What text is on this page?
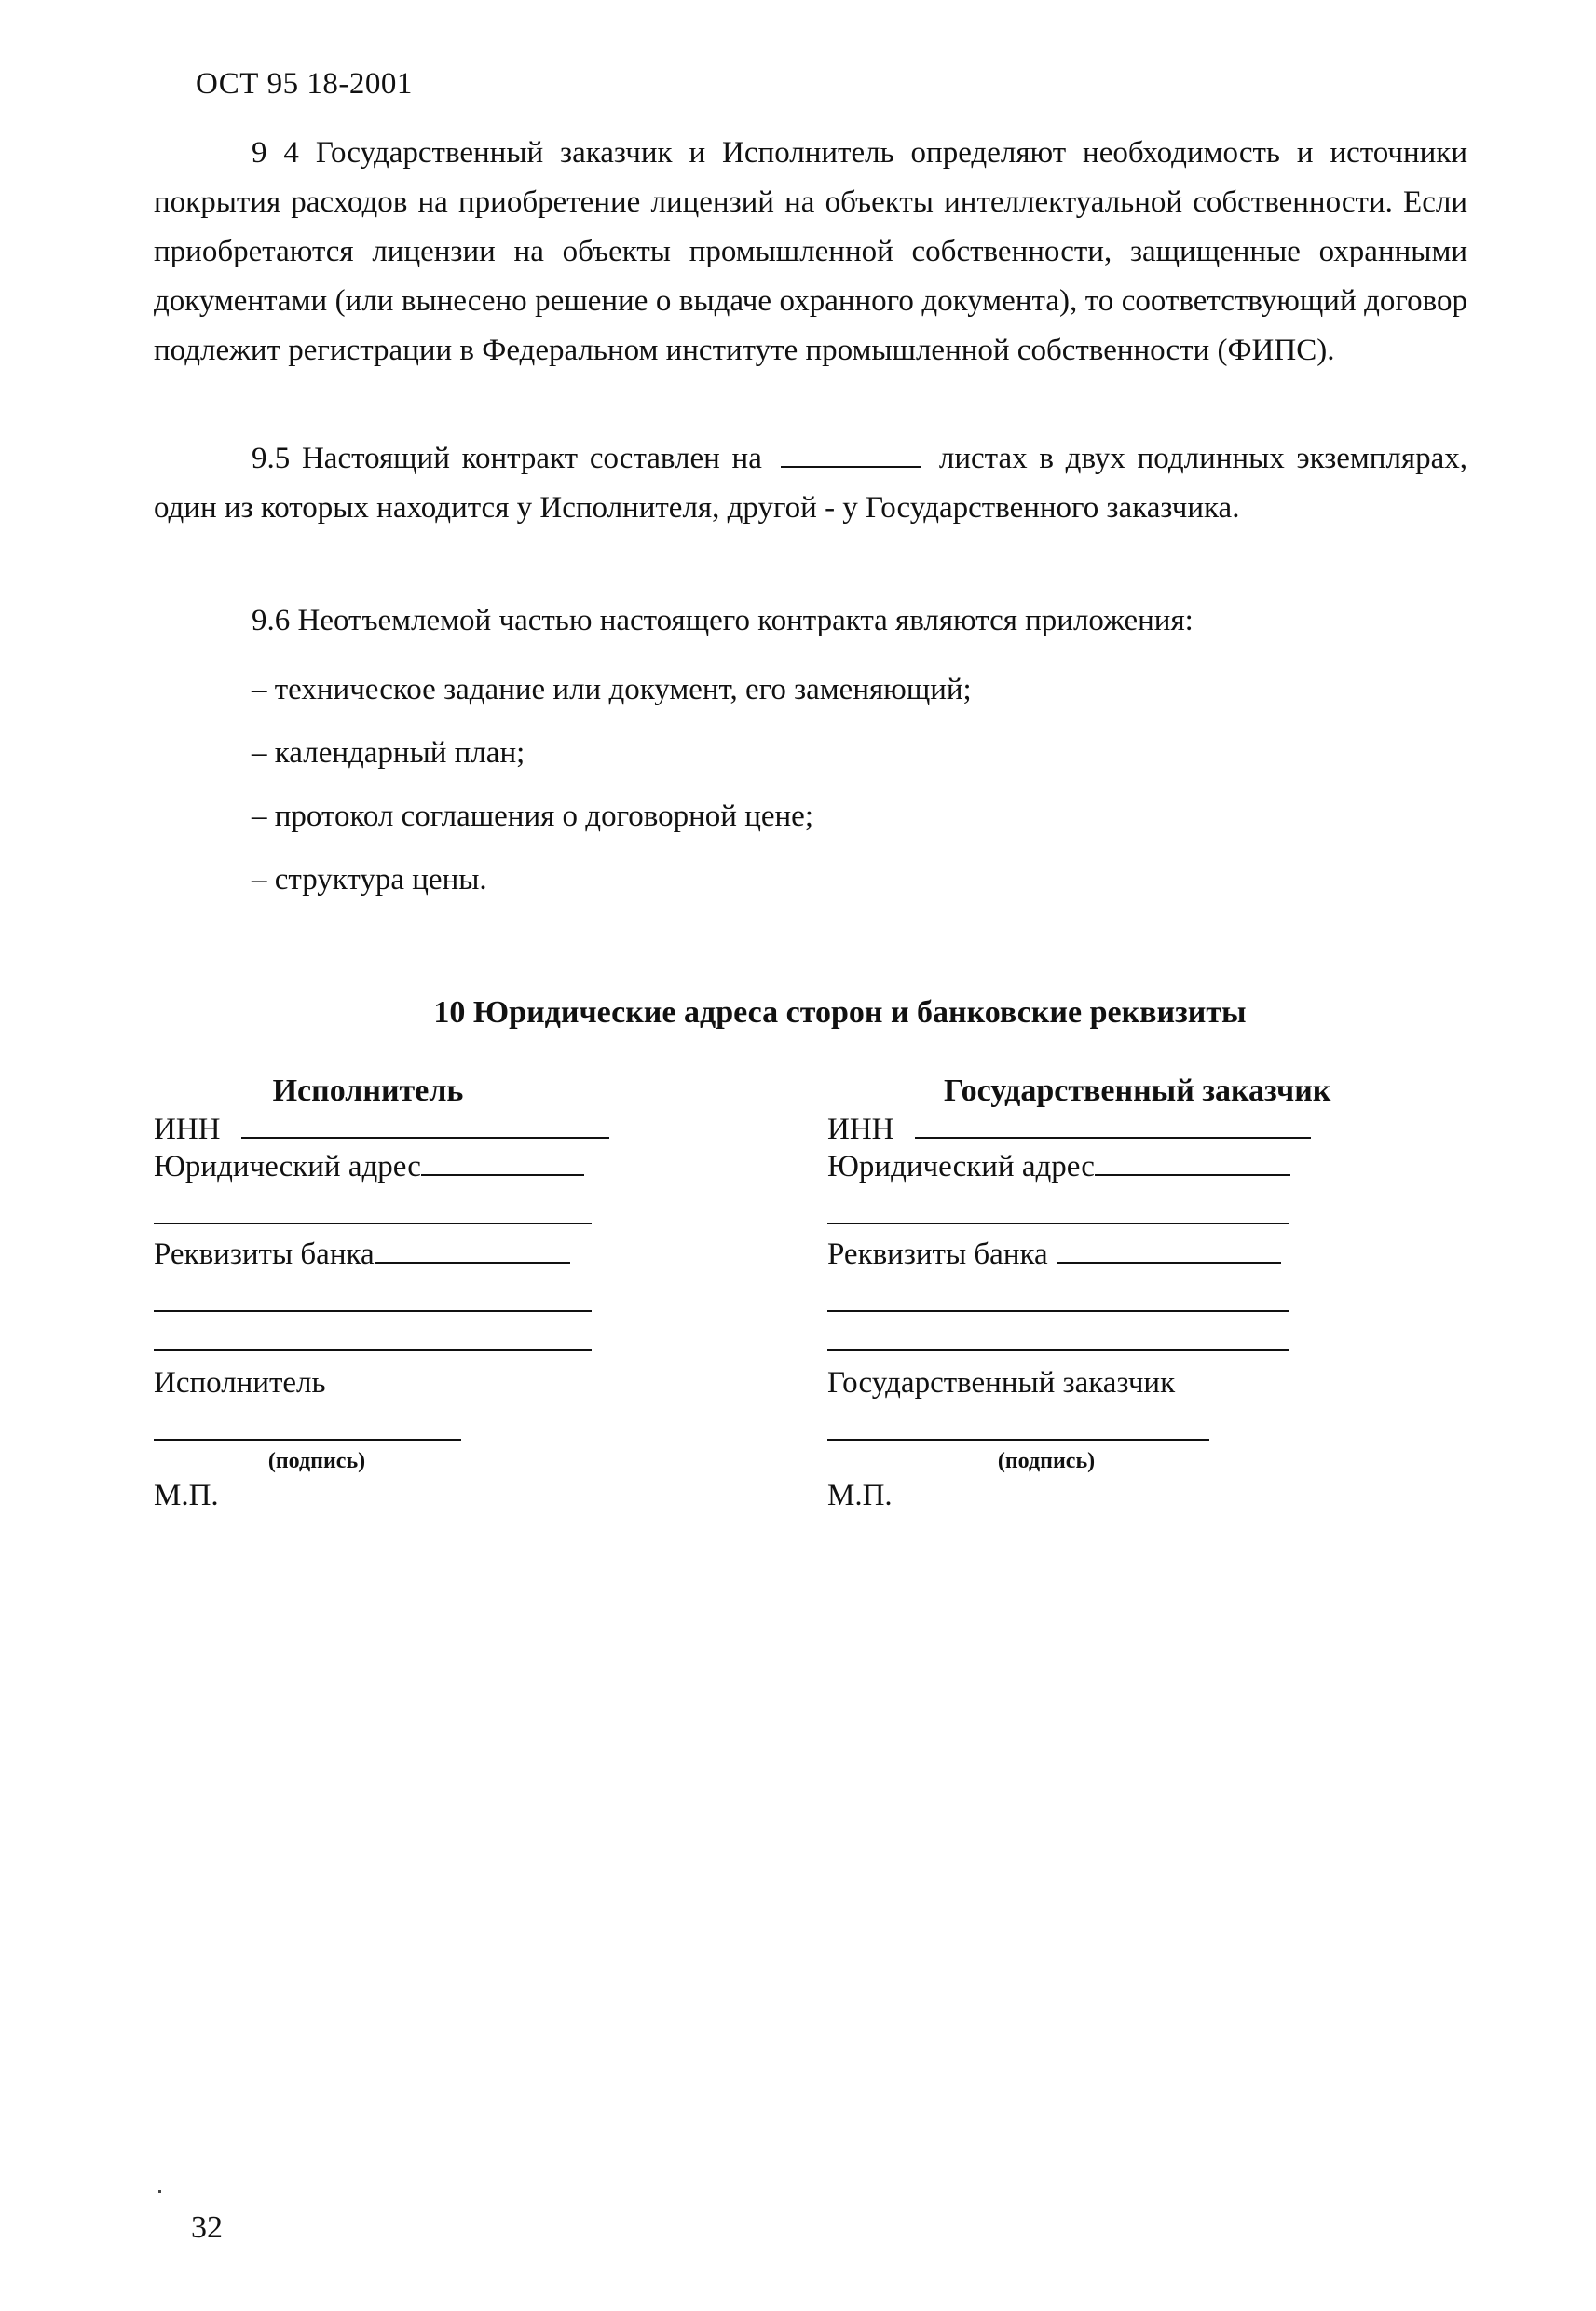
ОСТ 95 18-2001
9 4 Государственный заказчик и Исполнитель определяют необходимость и источники покрытия расходов на приобретение лицензий на объекты интеллектуальной собственности. Если приобретаются лицензии на объекты промышленной собственности, защищенные охранными документами (или вынесено решение о выдаче охранного документа), то соответствующий договор подлежит регистрации в Федеральном институте промышленной собственности (ФИПС).
9.5 Настоящий контракт составлен на	листах в двух подлинных экземплярах, один из которых находится у Исполнителя, другой - у Государственного заказчика.
9.6 Неотъемлемой частью настоящего контракта являются приложения:
– техническое задание или документ, его заменяющий;
– календарный план;
– протокол соглашения о договорной цене;
– структура цены.
10 Юридические адреса сторон и банковские реквизиты
Исполнитель
ИНН
Юридический адрес
Реквизиты банка
Исполнитель
(подпись)
М.П.
Государственный заказчик
ИНН
Юридический адрес
Реквизиты банка
Государственный заказчик
(подпись)
М.П.
32
